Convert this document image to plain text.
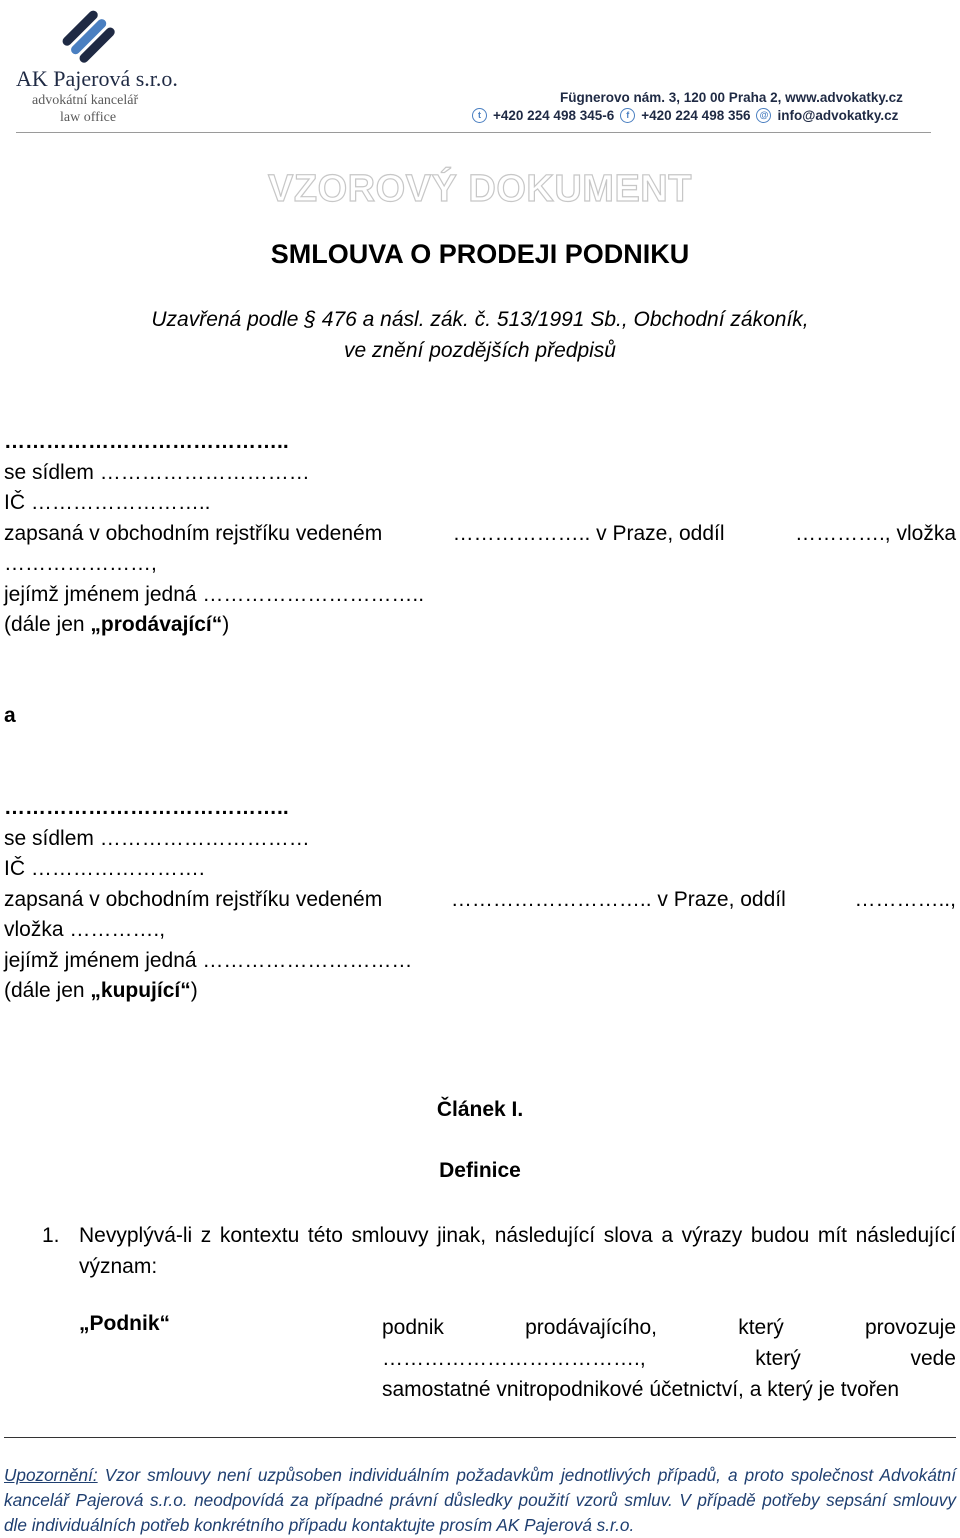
AK Pajerová s.r.o.
advokátní kancelář
law office
Fügnerovo nám. 3, 120 00 Praha 2, www.advokatky.cz
t +420 224 498 345-6	f +420 224 498 356	@ info@advokatky.cz
VZOROVÝ DOKUMENT
SMLOUVA O PRODEJI PODNIKU
Uzavřená podle § 476 a násl. zák. č. 513/1991 Sb., Obchodní zákoník,
ve znění pozdějších předpisů
…………………………………..
se sídlem …………………………
IČ ……………………..
zapsaná v obchodním rejstříku vedeném	……………….. v Praze, oddíl	…………., vložka
…………………,
jejímž jménem jedná …………………………..
(dále jen „prodávající“)
a
…………………………………..
se sídlem …………………………
IČ …………………….
zapsaná v obchodním rejstříku vedeném	……………………….. v Praze, oddíl	…………..,
vložka ………….,
jejímž jménem jedná …………………………
(dále jen „kupující“)
Článek I.
Definice
1. Nevyplývá-li z kontextu této smlouvy jinak, následující slova a výrazy budou mít následující význam:
„Podnik“	podnik	prodávajícího,	který	provozuje
……………………………….,	který	vede
samostatné vnitropodnikové účetnictví, a který je tvořen
Upozornění: Vzor smlouvy není uzpůsoben individuálním požadavkům jednotlivých případů, a proto společnost Advokátní kancelář Pajerová s.r.o. neodpovídá za případné právní důsledky použití vzorů smluv. V případě potřeby sepsání smlouvy dle individuálních potřeb konkrétního případu kontaktujte prosím AK Pajerová s.r.o.
